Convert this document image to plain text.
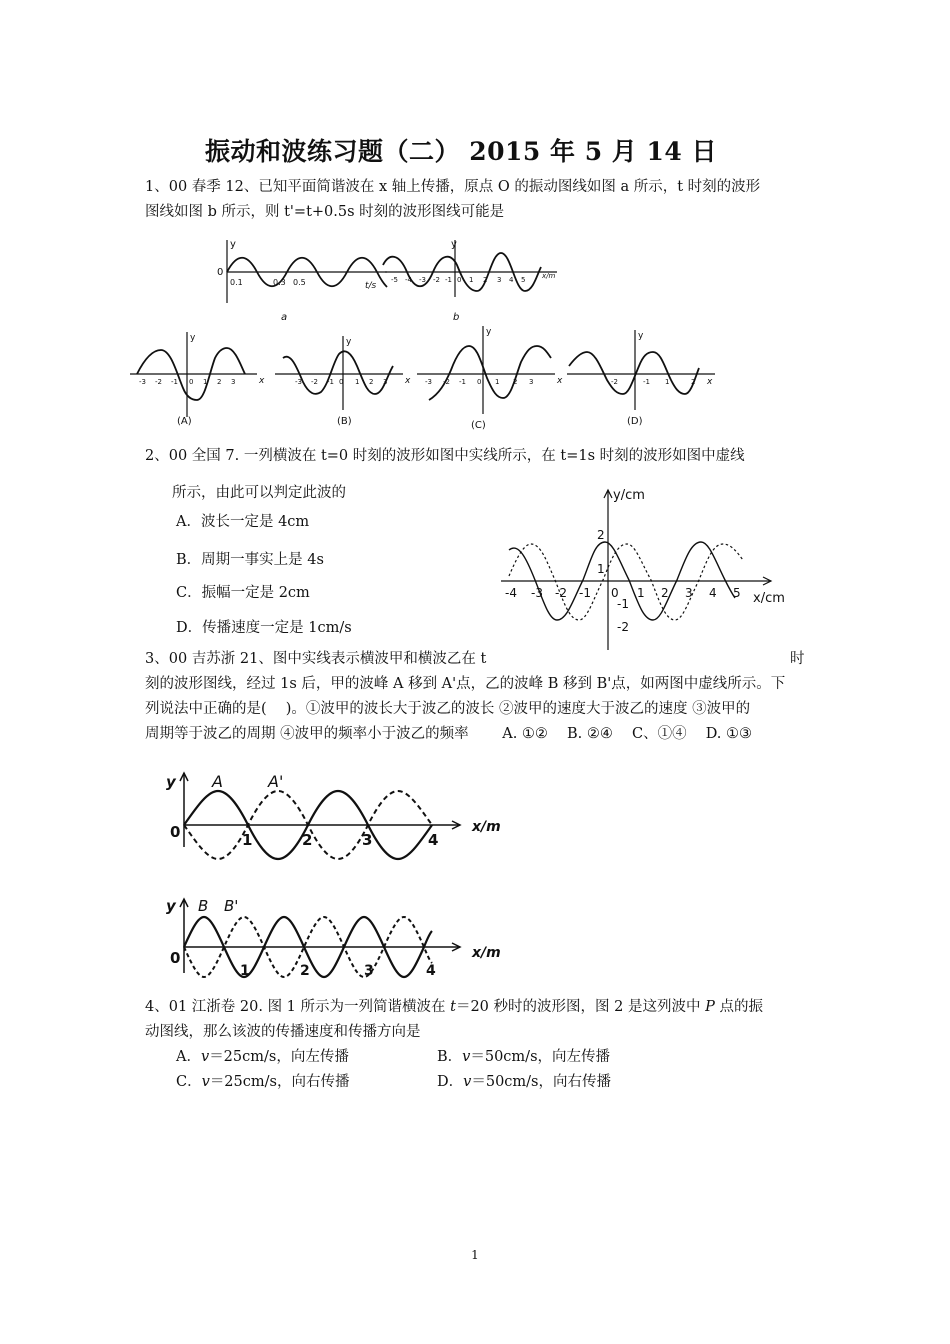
振动和波练习题（二） 2015 年 5 月 14 日
1、00 春季 12、已知平面简谐波在 x 轴上传播，原点 O 的振动图线如图 a 所示，t 时刻的波形
图线如图 b 所示，则 t'=t+0.5s 时刻的波形图线可能是
y
0
0.1	0.3 0.5	t/s
a
y
-5 -4 -3 -2 -1 0 1 2 3 4 5 x/m
b
y
x
-3 -2 -1 0 1 2 3
(A)
y
x
-3 -2 -1 0 1 2 3
(B)
y
x
-3 -2 -1 0 1 2 3
(C)
y
x
-2	-1 1	2
(D)
2、00 全国 7. 一列横波在 t=0 时刻的波形如图中实线所示，在 t=1s 时刻的波形如图中虚线
所示，由此可以判定此波的
A．波长一定是 4cm
B．周期一事实上是 4s
C．振幅一定是 2cm
D．传播速度一定是 1cm/s
y/cm
x/cm
-4 -3 -2 -1 0 1 2 3 4 5
2
1
-1
-2
3、00 吉苏浙 21、图中实线表示横波甲和横波乙在 t	时
刻的波形图线，经过 1s 后，甲的波峰 A 移到 A'点，乙的波峰 B 移到 B'点，如两图中虚线所示。下
列说法中正确的是(　 )。①波甲的波长大于波乙的波长 ②波甲的速度大于波乙的速度 ③波甲的
周期等于波乙的周期 ④波甲的频率小于波乙的频率　　 A. ①②　 B. ②④　 C、①④　 D. ①③
y A	A'
0	1	2	3	4
x/m
y B B'
0
1	2	3	4
x/m
4、01 江浙卷 20. 图 1 所示为一列简谐横波在 t＝20 秒时的波形图，图 2 是这列波中 P 点的振
动图线，那么该波的传播速度和传播方向是
A．v＝25cm/s，向左传播	B．v＝50cm/s，向左传播
C．v＝25cm/s，向右传播	D．v＝50cm/s，向右传播
1
